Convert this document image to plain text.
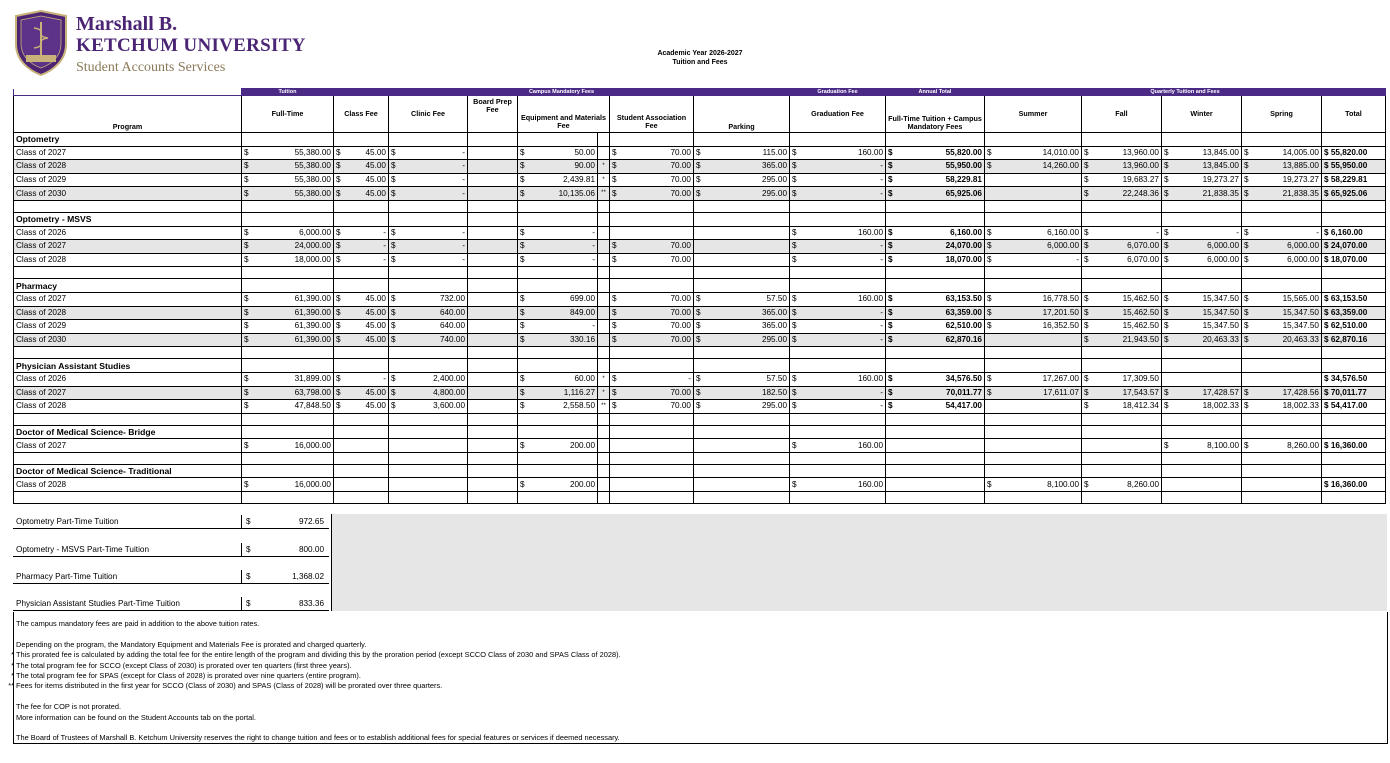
Marshall B.
KETCHUM UNIVERSITY
Student Accounts Services
Academic Year 2026-2027
Tuition and Fees
	Tuition	Campus Mandatory Fees							Graduation Fee	Annual Total	Quarterly Tuition and Fees				
Program	Full-Time	Class Fee	Clinic Fee	Board Prep Fee	Equipment and Materials Fee		Student Association Fee	Parking	Graduation Fee	Full-Time Tuition + Campus Mandatory Fees	Summer	Fall	Winter	Spring	Total
Optometry															
Class of 2027	$ 55,380.00	$ 45.00	$ -		$ 50.00		$ 70.00	$ 115.00	$ 160.00	$ 55,820.00	$ 14,010.00	$ 13,960.00	$ 13,845.00	$ 14,005.00	$ 55,820.00
Class of 2028	$ 55,380.00	$ 45.00	$ -		$ 90.00	*	$ 70.00	$ 365.00	$ -	$ 55,950.00	$ 14,260.00	$ 13,960.00	$ 13,845.00	$ 13,885.00	$ 55,950.00
Class of 2029	$ 55,380.00	$ 45.00	$ -		$ 2,439.81	*	$ 70.00	$ 295.00	$ -	$ 58,229.81		$ 19,683.27	$ 19,273.27	$ 19,273.27	$ 58,229.81
Class of 2030	$ 55,380.00	$ 45.00	$ -		$ 10,135.06	**	$ 70.00	$ 295.00	$ -	$ 65,925.06		$ 22,248.36	$ 21,838.35	$ 21,838.35	$ 65,925.06

Optometry - MSVS															
Class of 2026	$ 6,000.00	$ -	$ -		$ -				$ 160.00	$ 6,160.00	$ 6,160.00	$ -	$ -	$ -	$ 6,160.00
Class of 2027	$ 24,000.00	$ -	$ -		$ -		$ 70.00		$ -	$ 24,070.00	$ 6,000.00	$ 6,070.00	$ 6,000.00	$ 6,000.00	$ 24,070.00
Class of 2028	$ 18,000.00	$ -	$ -		$ -		$ 70.00		$ -	$ 18,070.00	$ -	$ 6,070.00	$ 6,000.00	$ 6,000.00	$ 18,070.00

Pharmacy															
Class of 2027	$ 61,390.00	$ 45.00	$ 732.00		$ 699.00		$ 70.00	$ 57.50	$ 160.00	$ 63,153.50	$ 16,778.50	$ 15,462.50	$ 15,347.50	$ 15,565.00	$ 63,153.50
Class of 2028	$ 61,390.00	$ 45.00	$ 640.00		$ 849.00		$ 70.00	$ 365.00	$ -	$ 63,359.00	$ 17,201.50	$ 15,462.50	$ 15,347.50	$ 15,347.50	$ 63,359.00
Class of 2029	$ 61,390.00	$ 45.00	$ 640.00		$ -		$ 70.00	$ 365.00	$ -	$ 62,510.00	$ 16,352.50	$ 15,462.50	$ 15,347.50	$ 15,347.50	$ 62,510.00
Class of 2030	$ 61,390.00	$ 45.00	$ 740.00		$ 330.16		$ 70.00	$ 295.00	$ -	$ 62,870.16		$ 21,943.50	$ 20,463.33	$ 20,463.33	$ 62,870.16

Physician Assistant Studies															
Class of 2026	$ 31,899.00	$ -	$ 2,400.00		$ 60.00	*	$ -	$ 57.50	$ 160.00	$ 34,576.50	$ 17,267.00	$ 17,309.50			$ 34,576.50
Class of 2027	$ 63,798.00	$ 45.00	$ 4,800.00		$ 1,116.27	*	$ 70.00	$ 182.50	$ -	$ 70,011.77	$ 17,611.07	$ 17,543.57	$ 17,428.57	$ 17,428.56	$ 70,011.77
Class of 2028	$ 47,848.50	$ 45.00	$ 3,600.00		$ 2,558.50	**	$ 70.00	$ 295.00	$ -	$ 54,417.00		$ 18,412.34	$ 18,002.33	$ 18,002.33	$ 54,417.00

Doctor of Medical Science- Bridge															
Class of 2027	$ 16,000.00				$ 200.00				$ 160.00				$ 8,100.00	$ 8,260.00	$ 16,360.00

Doctor of Medical Science- Traditional															
Class of 2028	$ 16,000.00				$ 200.00				$ 160.00		$ 8,100.00	$ 8,260.00			$ 16,360.00

Optometry Part-Time Tuition	$	972.65
Optometry - MSVS Part-Time Tuition	$	800.00
Pharmacy Part-Time Tuition	$	1,368.02
Physician Assistant Studies Part-Time Tuition	$	833.36
The campus mandatory fees are paid in addition to the above tuition rates.
Depending on the program, the Mandatory Equipment and Materials Fee is prorated and charged quarterly.
* This prorated fee is calculated by adding the total fee for the entire length of the program and dividing this by the proration period (except SCCO Class of 2030 and SPAS Class of 2028).
* The total program fee for SCCO (except Class of 2030) is prorated over ten quarters (first three years).
* The total program fee for SPAS (except for Class of 2028) is prorated over nine quarters (entire program).
** Fees for items distributed in the first year for SCCO (Class of 2030) and SPAS (Class of 2028) will be prorated over three quarters.
The fee for COP is not prorated.
More information can be found on the Student Accounts tab on the portal.
The Board of Trustees of Marshall B. Ketchum University reserves the right to change tuition and fees or to establish additional fees for special features or services if deemed necessary.
